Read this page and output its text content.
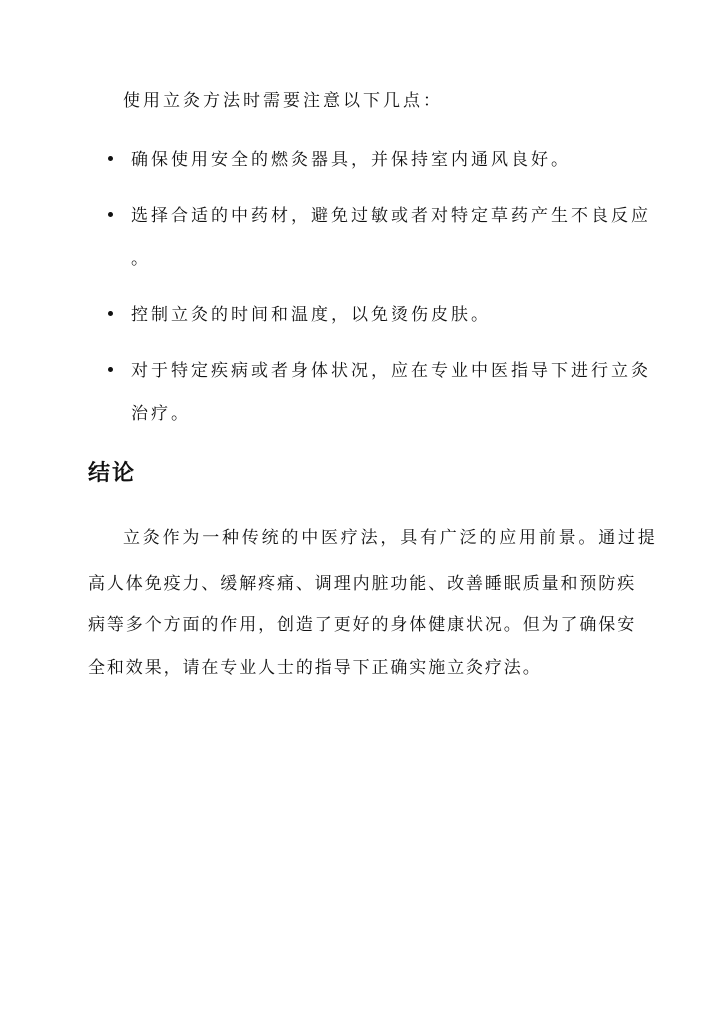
使用立灸方法时需要注意以下几点：
确保使用安全的燃灸器具，并保持室内通风良好。
选择合适的中药材，避免过敏或者对特定草药产生不良反应
。
控制立灸的时间和温度，以免烫伤皮肤。
对于特定疾病或者身体状况，应在专业中医指导下进行立灸
治疗。
结论
立灸作为一种传统的中医疗法，具有广泛的应用前景。通过提
高人体免疫力、缓解疼痛、调理内脏功能、改善睡眠质量和预防疾
病等多个方面的作用，创造了更好的身体健康状况。但为了确保安
全和效果，请在专业人士的指导下正确实施立灸疗法。
